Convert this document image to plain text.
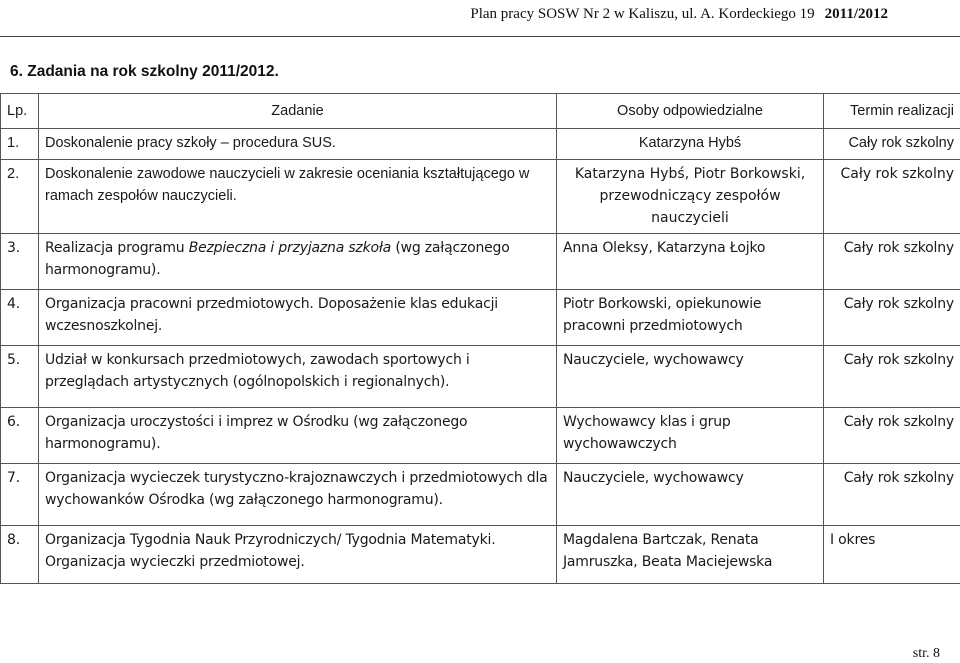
Plan pracy SOSW Nr 2 w Kaliszu, ul. A. Kordeckiego 19 2011/2012
6. Zadania na rok szkolny 2011/2012.
Lp.	Zadanie	Osoby odpowiedzialne	Termin realizacji
1.	Doskonalenie pracy szkoły – procedura SUS.	Katarzyna Hybś	Cały rok szkolny
2.	Doskonalenie zawodowe nauczycieli w zakresie oceniania kształtującego w ramach zespołów nauczycieli.	Katarzyna Hybś, Piotr Borkowski, przewodniczący zespołów nauczycieli	Cały rok szkolny
3.	Realizacja programu Bezpieczna i przyjazna szkoła (wg załączonego harmonogramu).	Anna Oleksy, Katarzyna Łojko	Cały rok szkolny
4.	Organizacja pracowni przedmiotowych. Doposażenie klas edukacji wczesnoszkolnej.	Piotr Borkowski, opiekunowie pracowni przedmiotowych	Cały rok szkolny
5.	Udział w konkursach przedmiotowych, zawodach sportowych i przeglądach artystycznych (ogólnopolskich i regionalnych).	Nauczyciele, wychowawcy	Cały rok szkolny
6.	Organizacja uroczystości i imprez w Ośrodku (wg załączonego harmonogramu).	Wychowawcy klas i grup wychowawczych	Cały rok szkolny
7.	Organizacja wycieczek turystyczno-krajoznawczych i przedmiotowych dla wychowanków Ośrodka (wg załączonego harmonogramu).	Nauczyciele, wychowawcy	Cały rok szkolny
8.	Organizacja Tygodnia Nauk Przyrodniczych/ Tygodnia Matematyki. Organizacja wycieczki przedmiotowej.	Magdalena Bartczak, Renata Jamruszka, Beata Maciejewska	I okres
str. 8
